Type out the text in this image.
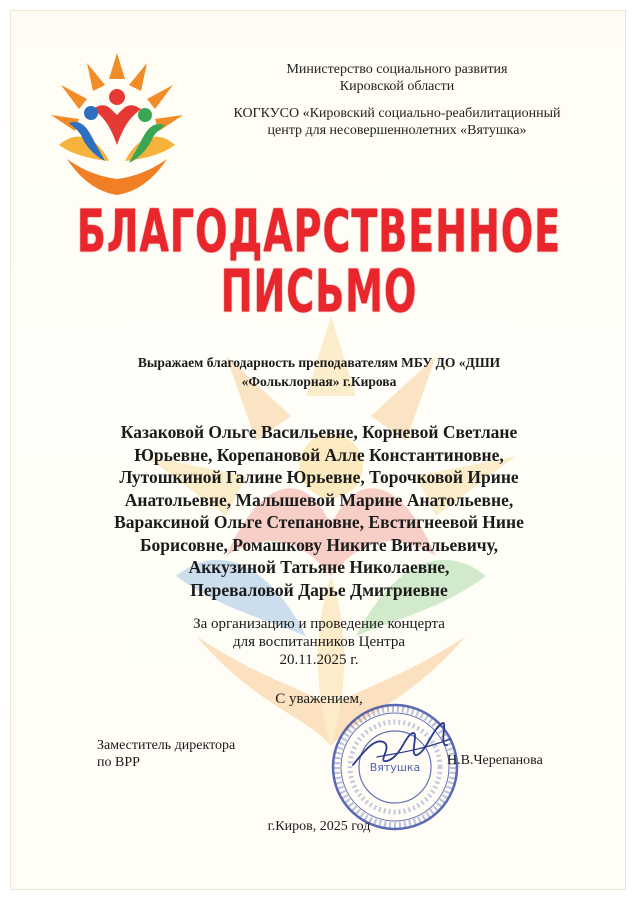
Министерство социального развития
Кировской области
КОГКУСО «Кировский социально-реабилитационный
центр для несовершеннолетних «Вятушка»
БЛАГОДАРСТВЕННОЕ
ПИСЬМО
Выражаем благодарность преподавателям МБУ ДО «ДШИ
«Фольклорная» г.Кирова
Казаковой Ольге Васильевне, Корневой Светлане
Юрьевне, Корепановой Алле Константиновне,
Лутошкиной Галине Юрьевне, Торочковой Ирине
Анатольевне, Малышевой Марине Анатольевне,
Вараксиной Ольге Степановне, Евстигнеевой Нине
Борисовне, Ромашкову Никите Витальевичу,
Аккузиной Татьяне Николаевне,
Переваловой Дарье Дмитриевне
За организацию и проведение концерта
для воспитанников Центра
20.11.2025 г.
С уважением,
Заместитель директора
по ВРР	Вятушка Н.В.Черепанова
г.Киров, 2025 год
